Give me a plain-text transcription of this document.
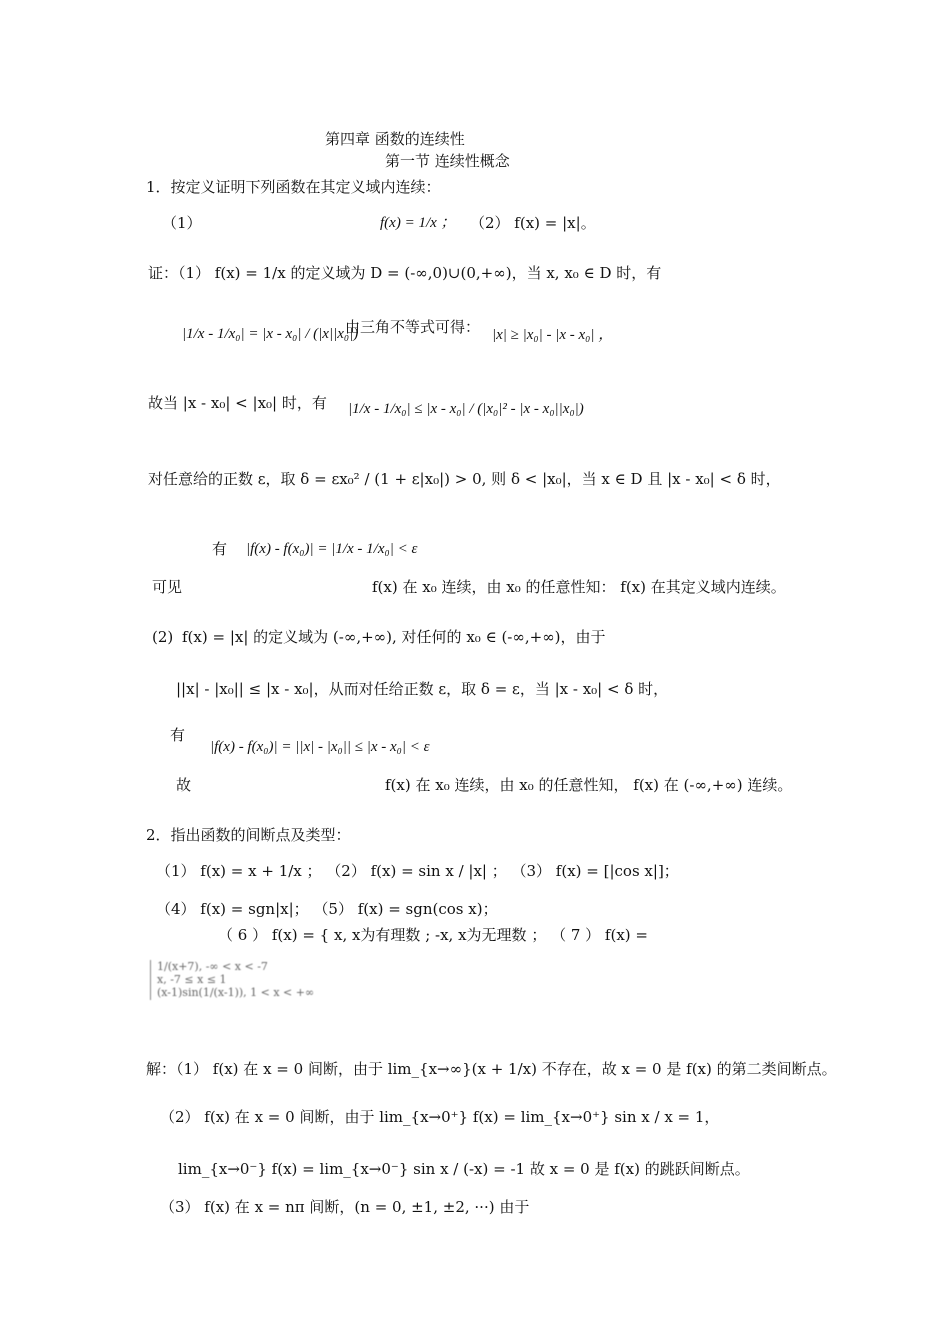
第四章 函数的连续性
第一节 连续性概念
1．按定义证明下列函数在其定义域内连续：
（1）	f(x) = 1/x ； （2） f(x) = |x|。
证：（1） f(x) = 1/x 的定义域为 D = (-∞,0)∪(0,+∞)，当 x, x₀ ∈ D 时，有
|1/x - 1/x₀| = |x - x₀| / (|x||x₀|)
由三角不等式可得： |x| ≥ |x₀| - |x - x₀| ，
故当 |x - x₀| < |x₀| 时，有 |1/x - 1/x₀| ≤ |x - x₀| / (|x₀|² - |x - x₀||x₀|)
对任意给的正数 ε，取 δ = εx₀² / (1 + ε|x₀|) > 0, 则 δ < |x₀|，当 x ∈ D 且 |x - x₀| < δ 时，
有 |f(x) - f(x₀)| = |1/x - 1/x₀| < ε
可见	f(x) 在 x₀ 连续，由 x₀ 的任意性知： f(x) 在其定义域内连续。
(2) f(x) = |x| 的定义域为 (-∞,+∞), 对任何的 x₀ ∈ (-∞,+∞)，由于
||x| - |x₀|| ≤ |x - x₀|，从而对任给正数 ε，取 δ = ε，当 |x - x₀| < δ 时，
有
|f(x) - f(x₀)| = ||x| - |x₀|| ≤ |x - x₀| < ε
故	f(x) 在 x₀ 连续，由 x₀ 的任意性知， f(x) 在 (-∞,+∞) 连续。
2．指出函数的间断点及类型：
（1） f(x) = x + 1/x ； （2） f(x) = sin x / |x| ； （3） f(x) = [|cos x|]；
（4） f(x) = sgn|x|； （5） f(x) = sgn(cos x)；
（ 6 ） f(x) = { x, x为有理数 ; -x, x为无理数 ； （ 7 ） f(x) =
1/(x+7), -∞ < x < -7
x, -7 ≤ x ≤ 1
(x-1)sin(1/(x-1)), 1 < x < +∞
解：（1） f(x) 在 x = 0 间断，由于 lim_{x→∞}(x + 1/x) 不存在，故 x = 0 是 f(x) 的第二类间断点。
（2） f(x) 在 x = 0 间断，由于 lim_{x→0⁺} f(x) = lim_{x→0⁺} sin x / x = 1，
lim_{x→0⁻} f(x) = lim_{x→0⁻} sin x / (-x) = -1 故 x = 0 是 f(x) 的跳跃间断点。
（3） f(x) 在 x = nπ 间断，(n = 0, ±1, ±2, ···) 由于
